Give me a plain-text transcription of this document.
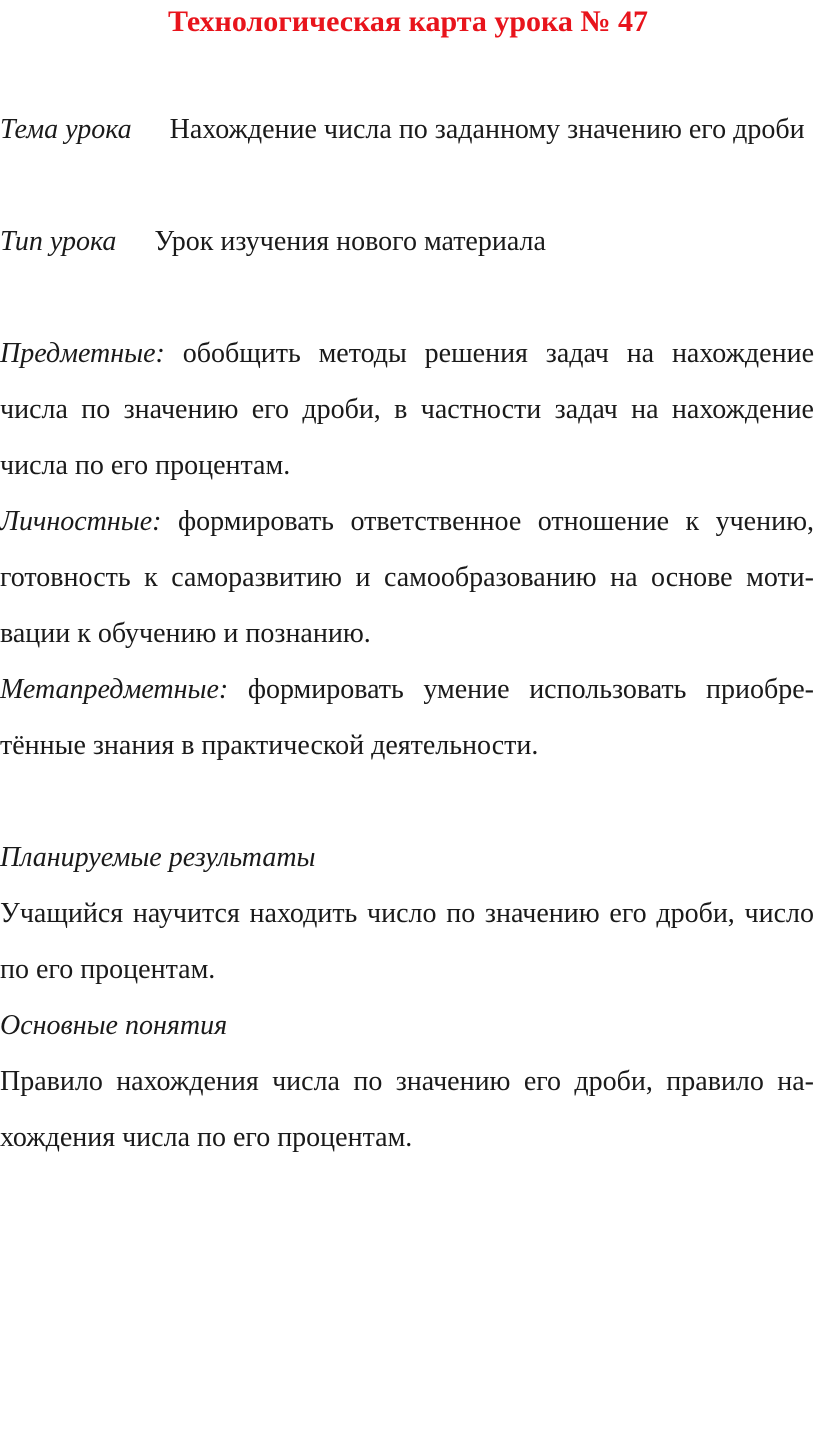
Технологическая карта урока № 47

Тема урока Нахождение числа по заданному значению его дроби

Тип урока Урок изучения нового материала

Предметные: обобщить методы решения задач на нахождение числа по значению его дроби, в частности задач на нахождение числа по его процентам.

Личностные: формировать ответственное отношение к учению, готовность к саморазвитию и самообразованию на основе мотивации к обучению и познанию.

Метапредметные: формировать умение использовать приобретённые знания в практической деятельности.

Планируемые результаты

Учащийся научится находить число по значению его дроби, число по его процентам.

Основные понятия

Правило нахождения числа по значению его дроби, правило нахождения числа по его процентам.
